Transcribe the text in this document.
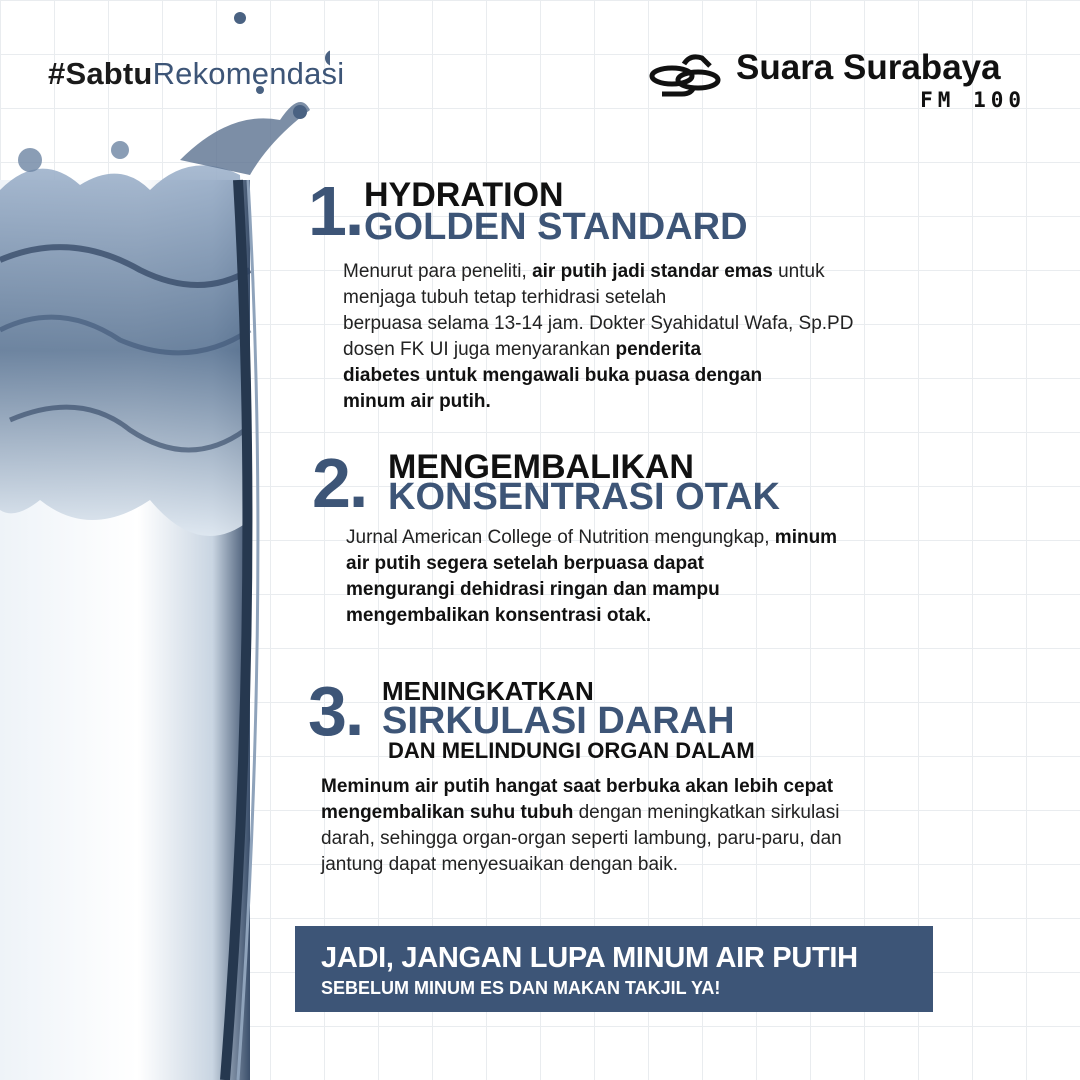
#SabtuRekomendasi	Suara Surabaya
FM 100
1. HYDRATION
GOLDEN STANDARD
Menurut para peneliti, air putih jadi standar emas untuk
menjaga tubuh tetap terhidrasi setelah
berpuasa selama 13-14 jam. Dokter Syahidatul Wafa, Sp.PD
dosen FK UI juga menyarankan penderita
diabetes untuk mengawali buka puasa dengan
minum air putih.
2. MENGEMBALIKAN
KONSENTRASI OTAK
Jurnal American College of Nutrition mengungkap, minum
air putih segera setelah berpuasa dapat
mengurangi dehidrasi ringan dan mampu
mengembalikan konsentrasi otak.
3. MENINGKATKAN
SIRKULASI DARAH
DAN MELINDUNGI ORGAN DALAM
Meminum air putih hangat saat berbuka akan lebih cepat
mengembalikan suhu tubuh dengan meningkatkan sirkulasi
darah, sehingga organ-organ seperti lambung, paru-paru, dan
jantung dapat menyesuaikan dengan baik.
JADI, JANGAN LUPA MINUM AIR PUTIH
SEBELUM MINUM ES DAN MAKAN TAKJIL YA!
